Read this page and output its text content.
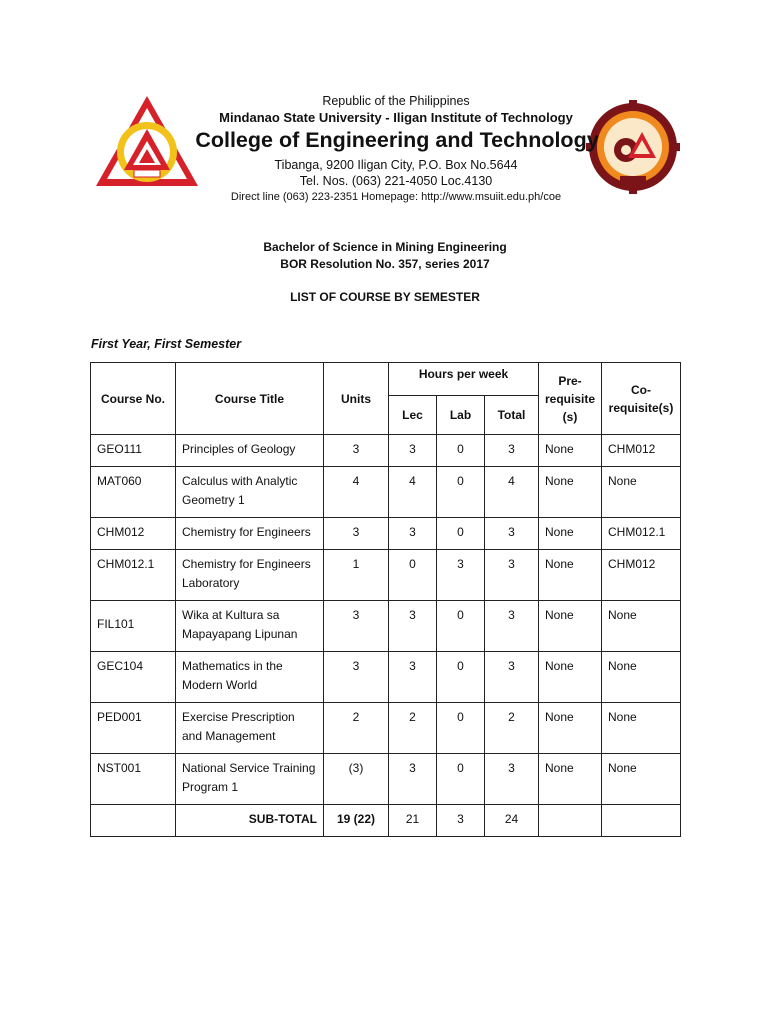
Republic of the Philippines
Mindanao State University - Iligan Institute of Technology
College of Engineering and Technology
Tibanga, 9200 Iligan City, P.O. Box No.5644
Tel. Nos. (063) 221-4050 Loc.4130
Direct line (063) 223-2351 Homepage: http://www.msuiit.edu.ph/coe
Bachelor of Science in Mining Engineering
BOR Resolution No. 357, series 2017
LIST OF COURSE BY SEMESTER
First Year, First Semester
Course No.	Course Title	Units	Hours per week			Pre-requisite (s)	Co-requisite(s)
			Lec	Lab	Total		

GEO111	Principles of Geology	3	3	0	3	None	CHM012

MAT060	Calculus with Analytic Geometry 1	4	4	0	4	None	None

CHM012	Chemistry for Engineers	3	3	0	3	None	CHM012.1

CHM012.1	Chemistry for Engineers Laboratory	1	0	3	3	None	CHM012

FIL101	Wika at Kultura sa Mapayapang Lipunan	3	3	0	3	None	None

GEC104	Mathematics in the Modern World	3	3	0	3	None	None

PED001	Exercise Prescription and Management	2	2	0	2	None	None

NST001	National Service Training Program 1	(3)	3	0	3	None	None

	SUB-TOTAL	19 (22)	21	3	24		
